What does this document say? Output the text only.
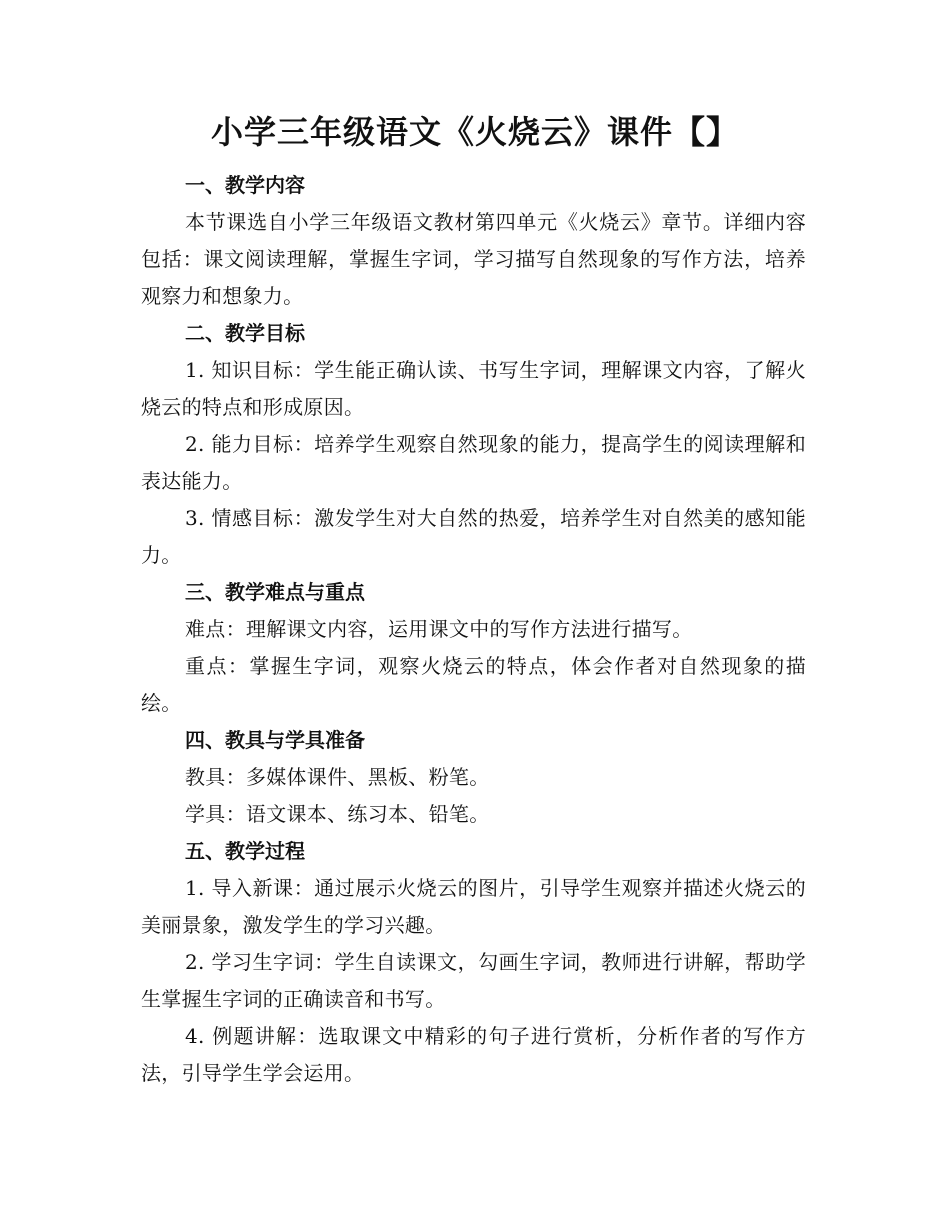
小学三年级语文《火烧云》课件【】

一、教学内容

本节课选自小学三年级语文教材第四单元《火烧云》章节。详细内容包括：课文阅读理解，掌握生字词，学习描写自然现象的写作方法，培养观察力和想象力。

二、教学目标

1. 知识目标：学生能正确认读、书写生字词，理解课文内容，了解火烧云的特点和形成原因。

2. 能力目标：培养学生观察自然现象的能力，提高学生的阅读理解和表达能力。

3. 情感目标：激发学生对大自然的热爱，培养学生对自然美的感知能力。

三、教学难点与重点

难点：理解课文内容，运用课文中的写作方法进行描写。

重点：掌握生字词，观察火烧云的特点，体会作者对自然现象的描绘。

四、教具与学具准备

教具：多媒体课件、黑板、粉笔。

学具：语文课本、练习本、铅笔。

五、教学过程

1. 导入新课：通过展示火烧云的图片，引导学生观察并描述火烧云的美丽景象，激发学生的学习兴趣。

2. 学习生字词：学生自读课文，勾画生字词，教师进行讲解，帮助学生掌握生字词的正确读音和书写。

4. 例题讲解：选取课文中精彩的句子进行赏析，分析作者的写作方法，引导学生学会运用。
